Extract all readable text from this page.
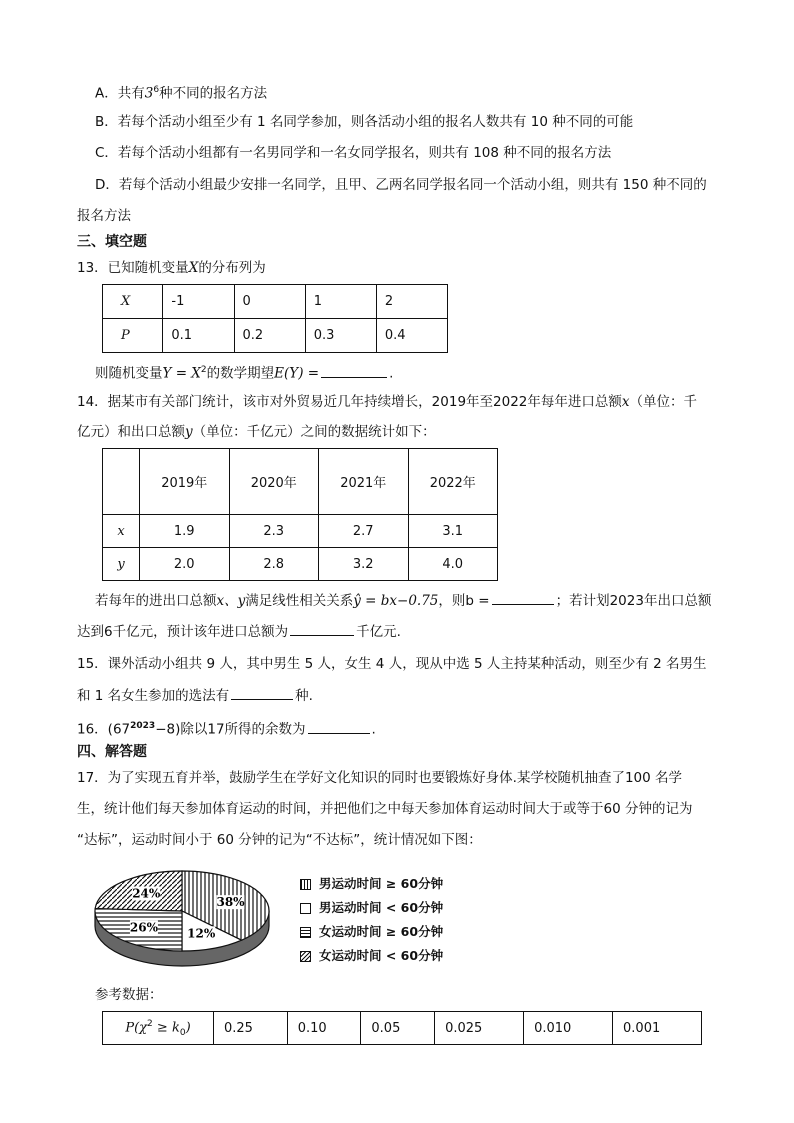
A．共有$3^6$种不同的报名方法
B．若每个活动小组至少有 1 名同学参加，则各活动小组的报名人数共有 10 种不同的可能
C．若每个活动小组都有一名男同学和一名女同学报名，则共有 108 种不同的报名方法
D．若每个活动小组最少安排一名同学，且甲、乙两名同学报名同一个活动小组，则共有 150 种不同的
报名方法
三、填空题
13．已知随机变量X的分布列为
X	-1	0	1	2
P	0.1	0.2	0.3	0.4
则随机变量$Y = X^2$的数学期望E(Y) =	.
14．据某市有关部门统计，该市对外贸易近几年持续增长，2019年至2022年每年进口总额x（单位：千
亿元）和出口总额y（单位：千亿元）之间的数据统计如下：
	2019年	2020年	2021年	2022年
x	1.9	2.3	2.7	3.1
y	2.0	2.8	3.2	4.0
若每年的进出口总额x、y满足线性相关关系ŷ = bx−0.75，则b =	；若计划2023年出口总额
达到6千亿元，预计该年进口总额为	千亿元.
15．课外活动小组共 9 人，其中男生 5 人，女生 4 人，现从中选 5 人主持某种活动，则至少有 2 名男生
和 1 名女生参加的选法有	种.
16．$(67^{2023}-8)$除以17所得的余数为	.
四、解答题
17．为了实现五育并举，鼓励学生在学好文化知识的同时也要锻炼好身体.某学校随机抽查了100 名学
生，统计他们每天参加体育运动的时间，并把他们之中每天参加体育运动时间大于或等于60 分钟的记为
“达标”，运动时间小于 60 分钟的记为“不达标”，统计情况如下图：
38%
12%
26%
24%
男运动时间 ≥ 60分钟
男运动时间 < 60分钟
女运动时间 ≥ 60分钟
女运动时间 < 60分钟
参考数据：
$P(\chi^2 \ge k_0)$	0.25	0.10	0.05	0.025	0.010	0.001
